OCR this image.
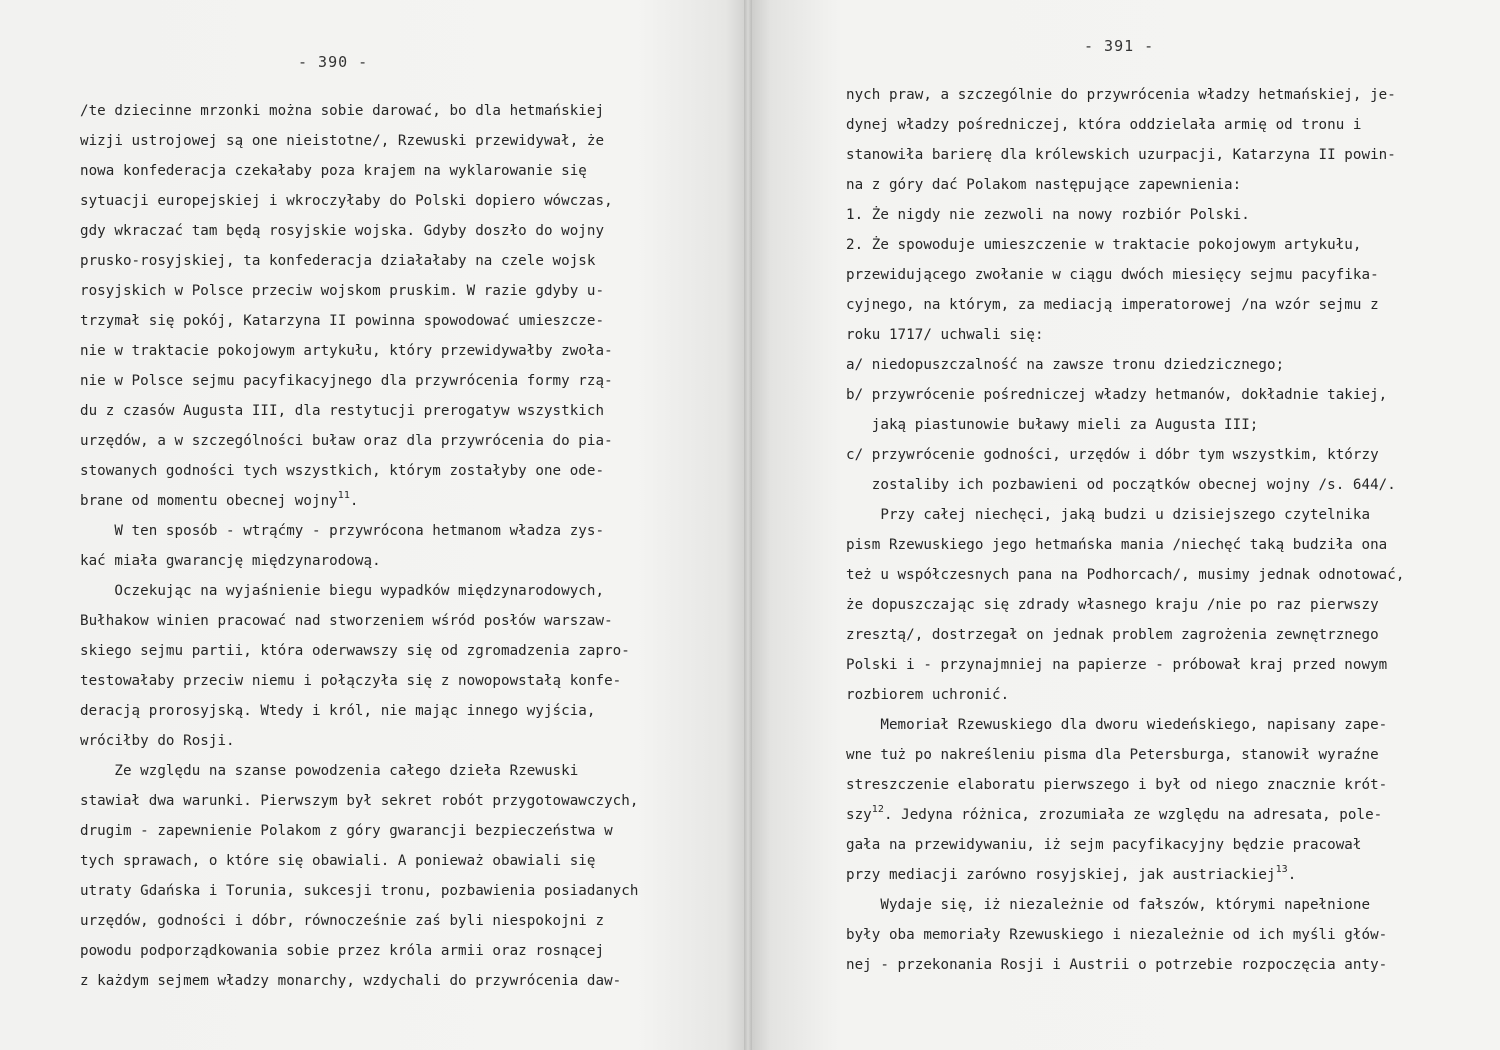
- 390 -
/te dziecinne mrzonki można sobie darować, bo dla hetmańskiej
wizji ustrojowej są one nieistotne/, Rzewuski przewidywał, że
nowa konfederacja czekałaby poza krajem na wyklarowanie się
sytuacji europejskiej i wkroczyłaby do Polski dopiero wówczas,
gdy wkraczać tam będą rosyjskie wojska. Gdyby doszło do wojny
prusko-rosyjskiej, ta konfederacja działałaby na czele wojsk
rosyjskich w Polsce przeciw wojskom pruskim. W razie gdyby u-
trzymał się pokój, Katarzyna II powinna spowodować umieszcze-
nie w traktacie pokojowym artykułu, który przewidywałby zwoła-
nie w Polsce sejmu pacyfikacyjnego dla przywrócenia formy rzą-
du z czasów Augusta III, dla restytucji prerogatyw wszystkich
urzędów, a w szczególności buław oraz dla przywrócenia do pia-
stowanych godności tych wszystkich, którym zostałyby one ode-
brane od momentu obecnej wojny$^{11}$.
W ten sposób - wtrąćmy - przywrócona hetmanom władza zys-
kać miała gwarancję międzynarodową.
Oczekując na wyjaśnienie biegu wypadków międzynarodowych,
Bułhakow winien pracować nad stworzeniem wśród posłów warszaw-
skiego sejmu partii, która oderwawszy się od zgromadzenia zapro-
testowałaby przeciw niemu i połączyła się z nowopowstałą konfe-
deracją prorosyjską. Wtedy i król, nie mając innego wyjścia,
wróciłby do Rosji.
Ze względu na szanse powodzenia całego dzieła Rzewuski
stawiał dwa warunki. Pierwszym był sekret robót przygotowawczych,
drugim - zapewnienie Polakom z góry gwarancji bezpieczeństwa w
tych sprawach, o które się obawiali. A ponieważ obawiali się
utraty Gdańska i Torunia, sukcesji tronu, pozbawienia posiadanych
urzędów, godności i dóbr, równocześnie zaś byli niespokojni z
powodu podporządkowania sobie przez króla armii oraz rosnącej
z każdym sejmem władzy monarchy, wzdychali do przywrócenia daw-
- 391 -
nych praw, a szczególnie do przywrócenia władzy hetmańskiej, je-
dynej władzy pośredniczej, która oddzielała armię od tronu i
stanowiła barierę dla królewskich uzurpacji, Katarzyna II powin-
na z góry dać Polakom następujące zapewnienia:
1. Że nigdy nie zezwoli na nowy rozbiór Polski.
2. Że spowoduje umieszczenie w traktacie pokojowym artykułu,
przewidującego zwołanie w ciągu dwóch miesięcy sejmu pacyfika-
cyjnego, na którym, za mediacją imperatorowej /na wzór sejmu z
roku 1717/ uchwali się:
a/ niedopuszczalność na zawsze tronu dziedzicznego;
b/ przywrócenie pośredniczej władzy hetmanów, dokładnie takiej,
jaką piastunowie buławy mieli za Augusta III;
c/ przywrócenie godności, urzędów i dóbr tym wszystkim, którzy
zostaliby ich pozbawieni od początków obecnej wojny /s. 644/.
Przy całej niechęci, jaką budzi u dzisiejszego czytelnika
pism Rzewuskiego jego hetmańska mania /niechęć taką budziła ona
też u współczesnych pana na Podhorcach/, musimy jednak odnotować,
że dopuszczając się zdrady własnego kraju /nie po raz pierwszy
zresztą/, dostrzegał on jednak problem zagrożenia zewnętrznego
Polski i - przynajmniej na papierze - próbował kraj przed nowym
rozbiorem uchronić.
Memoriał Rzewuskiego dla dworu wiedeńskiego, napisany zape-
wne tuż po nakreśleniu pisma dla Petersburga, stanowił wyraźne
streszczenie elaboratu pierwszego i był od niego znacznie krót-
szy$^{12}$. Jedyna różnica, zrozumiała ze względu na adresata, pole-
gała na przewidywaniu, iż sejm pacyfikacyjny będzie pracował
przy mediacji zarówno rosyjskiej, jak austriackiej$^{13}$.
Wydaje się, iż niezależnie od fałszów, którymi napełnione
były oba memoriały Rzewuskiego i niezależnie od ich myśli głów-
nej - przekonania Rosji i Austrii o potrzebie rozpoczęcia anty-
